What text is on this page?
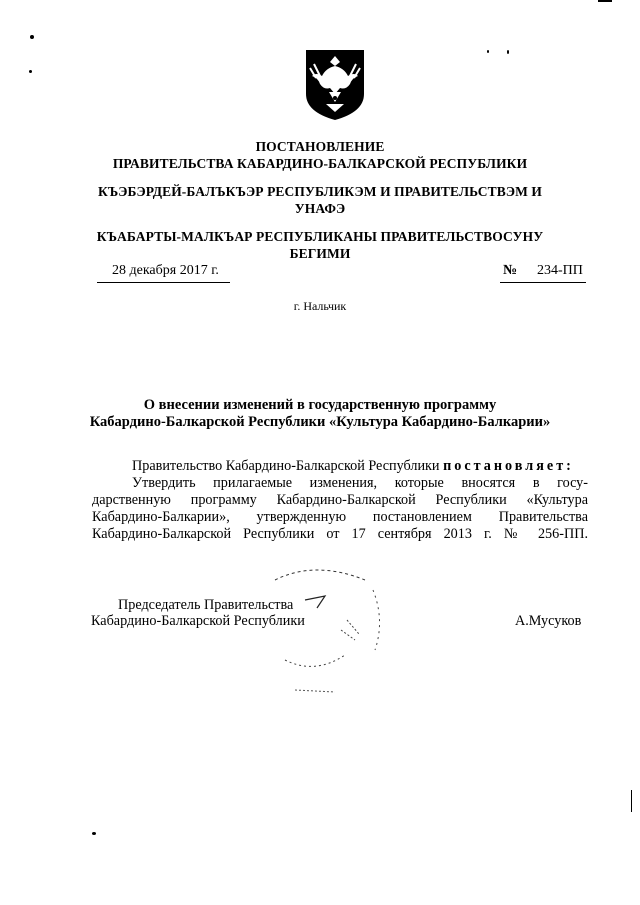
ПОСТАНОВЛЕНИЕ
ПРАВИТЕЛЬСТВА КАБАРДИНО-БАЛКАРСКОЙ РЕСПУБЛИКИ
КЪЭБЭРДЕЙ-БАЛЪКЪЭР РЕСПУБЛИКЭМ И ПРАВИТЕЛЬСТВЭМ И
УНАФЭ
КЪАБАРТЫ-МАЛКЪАР РЕСПУБЛИКАНЫ ПРАВИТЕЛЬСТВОСУНУ
БЕГИМИ
28 декабря 2017 г.	№ 234-ПП
г. Нальчик
О внесении изменений в государственную программу
Кабардино-Балкарской Республики «Культура Кабардино-Балкарии»
Правительство Кабардино-Балкарской Республики постановляет:
Утвердить прилагаемые изменения, которые вносятся в госу-
дарственную программу Кабардино-Балкарской Республики «Культура
Кабардино-Балкарии», утвержденную постановлением Правительства
Кабардино-Балкарской Республики от 17 сентября 2013 г. № 256-ПП.
Председатель Правительства
Кабардино-Балкарской Республики	А.Мусуков
